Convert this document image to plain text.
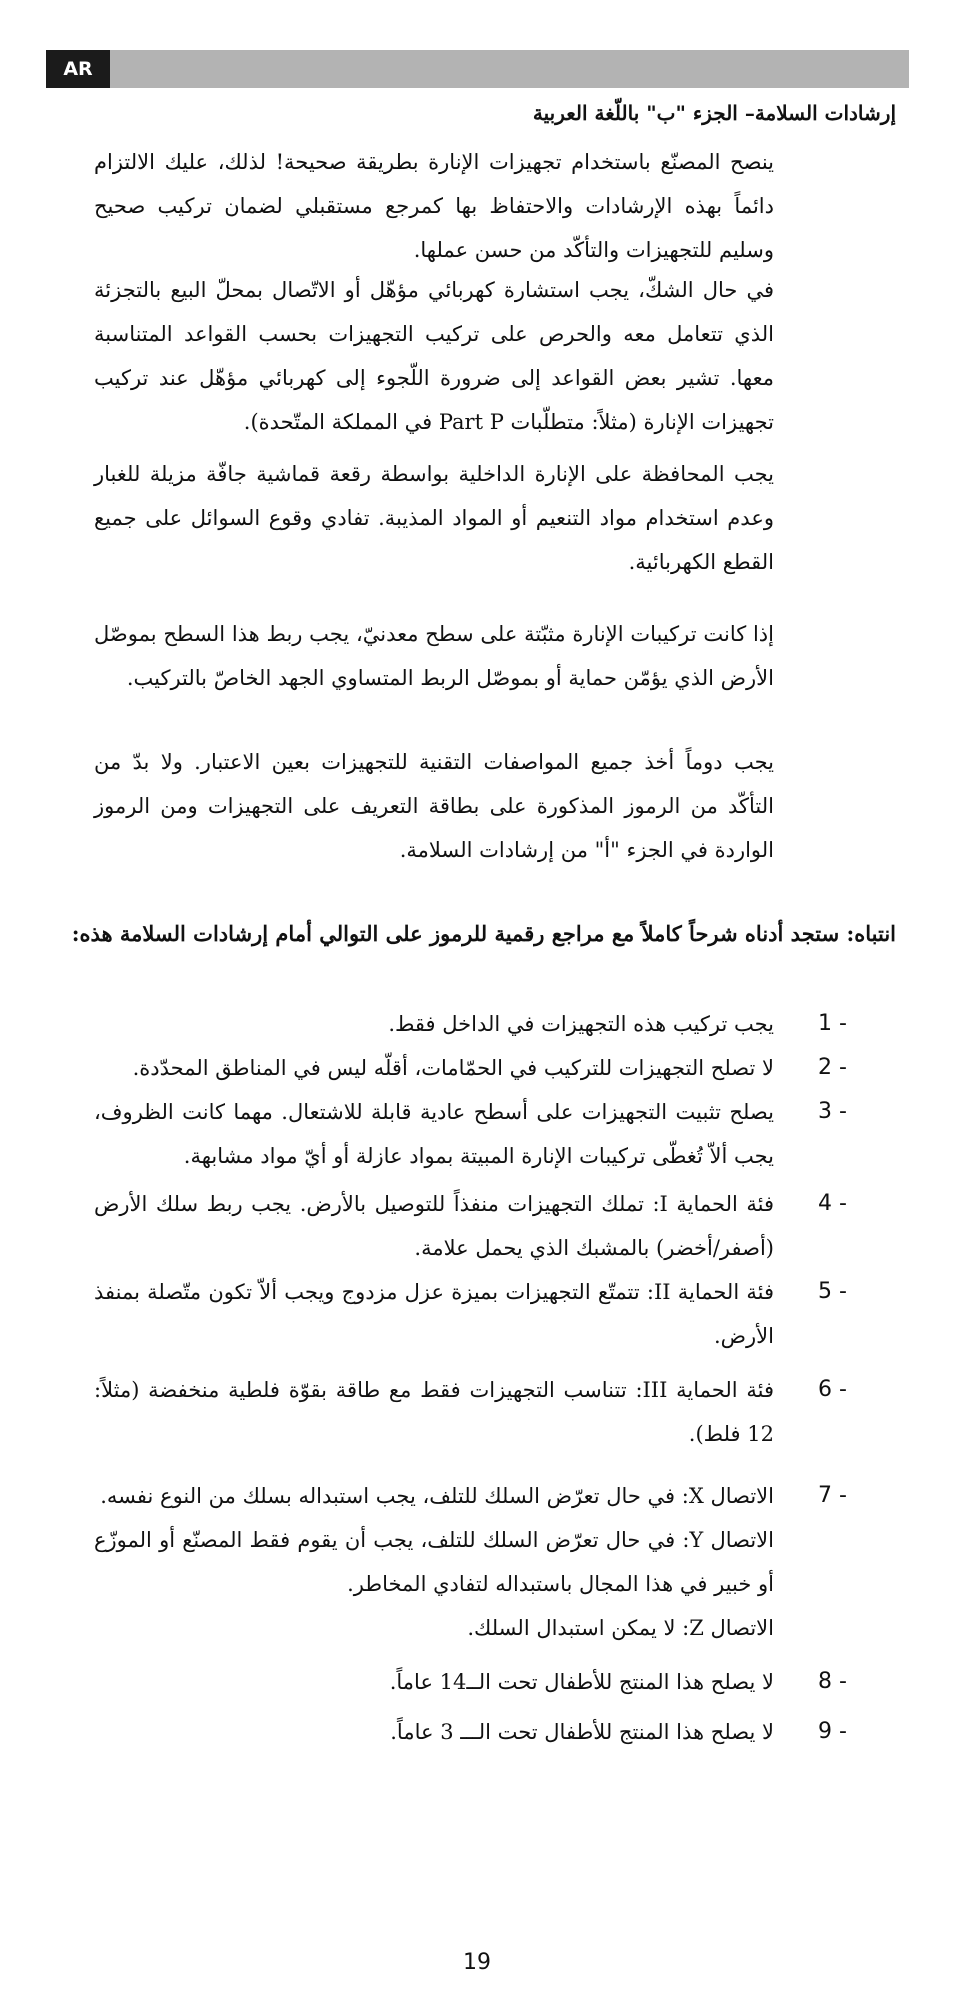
AR
إرشادات السلامة– الجزء "ب" باللّغة العربية
ينصح المصنّع باستخدام تجهيزات الإنارة بطريقة صحيحة! لذلك، عليك الالتزام دائماً بهذه الإرشادات والاحتفاظ بها كمرجع مستقبلي لضمان تركيب صحيح وسليم للتجهيزات والتأكّد من حسن عملها.
في حال الشكّ، يجب استشارة كهربائي مؤهّل أو الاتّصال بمحلّ البيع بالتجزئة الذي تتعامل معه والحرص على تركيب التجهيزات بحسب القواعد المتناسبة معها. تشير بعض القواعد إلى ضرورة اللّجوء إلى كهربائي مؤهّل عند تركيب تجهيزات الإنارة (مثلاً: متطلّبات Part P في المملكة المتّحدة).
يجب المحافظة على الإنارة الداخلية بواسطة رقعة قماشية جافّة مزيلة للغبار وعدم استخدام مواد التنعيم أو المواد المذيبة. تفادي وقوع السوائل على جميع القطع الكهربائية.
إذا كانت تركيبات الإنارة مثبّتة على سطح معدنيّ، يجب ربط هذا السطح بموصّل الأرض الذي يؤمّن حماية أو بموصّل الربط المتساوي الجهد الخاصّ بالتركيب.
يجب دوماً أخذ جميع المواصفات التقنية للتجهيزات بعين الاعتبار. ولا بدّ من التأكّد من الرموز المذكورة على بطاقة التعريف على التجهيزات ومن الرموز الواردة في الجزء "أ" من إرشادات السلامة.
انتباه: ستجد أدناه شرحاً كاملاً مع مراجع رقمية للرموز على التوالي أمام إرشادات السلامة هذه:
1 -
يجب تركيب هذه التجهيزات في الداخل فقط.
2 -
لا تصلح التجهيزات للتركيب في الحمّامات، أقلّه ليس في المناطق المحدّدة.
3 -
يصلح تثبيت التجهيزات على أسطح عادية قابلة للاشتعال. مهما كانت الظروف، يجب ألاّ تُغطّى تركيبات الإنارة المبيتة بمواد عازلة أو أيّ مواد مشابهة.
4 -
فئة الحماية I: تملك التجهيزات منفذاً للتوصيل بالأرض. يجب ربط سلك الأرض (أصفر/أخضر) بالمشبك الذي يحمل علامة.
5 -
فئة الحماية II: تتمتّع التجهيزات بميزة عزل مزدوج ويجب ألاّ تكون متّصلة بمنفذ الأرض.
6 -
فئة الحماية III: تتناسب التجهيزات فقط مع طاقة بقوّة فلطية منخفضة (مثلاً: 12 فلط).
7 -
الاتصال X: في حال تعرّض السلك للتلف، يجب استبداله بسلك من النوع نفسه.
الاتصال Y: في حال تعرّض السلك للتلف، يجب أن يقوم فقط المصنّع أو الموزّع أو خبير في هذا المجال باستبداله لتفادي المخاطر.
الاتصال Z: لا يمكن استبدال السلك.
8 -
لا يصلح هذا المنتج للأطفال تحت الــ14 عاماً.
9 -
لا يصلح هذا المنتج للأطفال تحت الـــ 3 عاماً.
19
